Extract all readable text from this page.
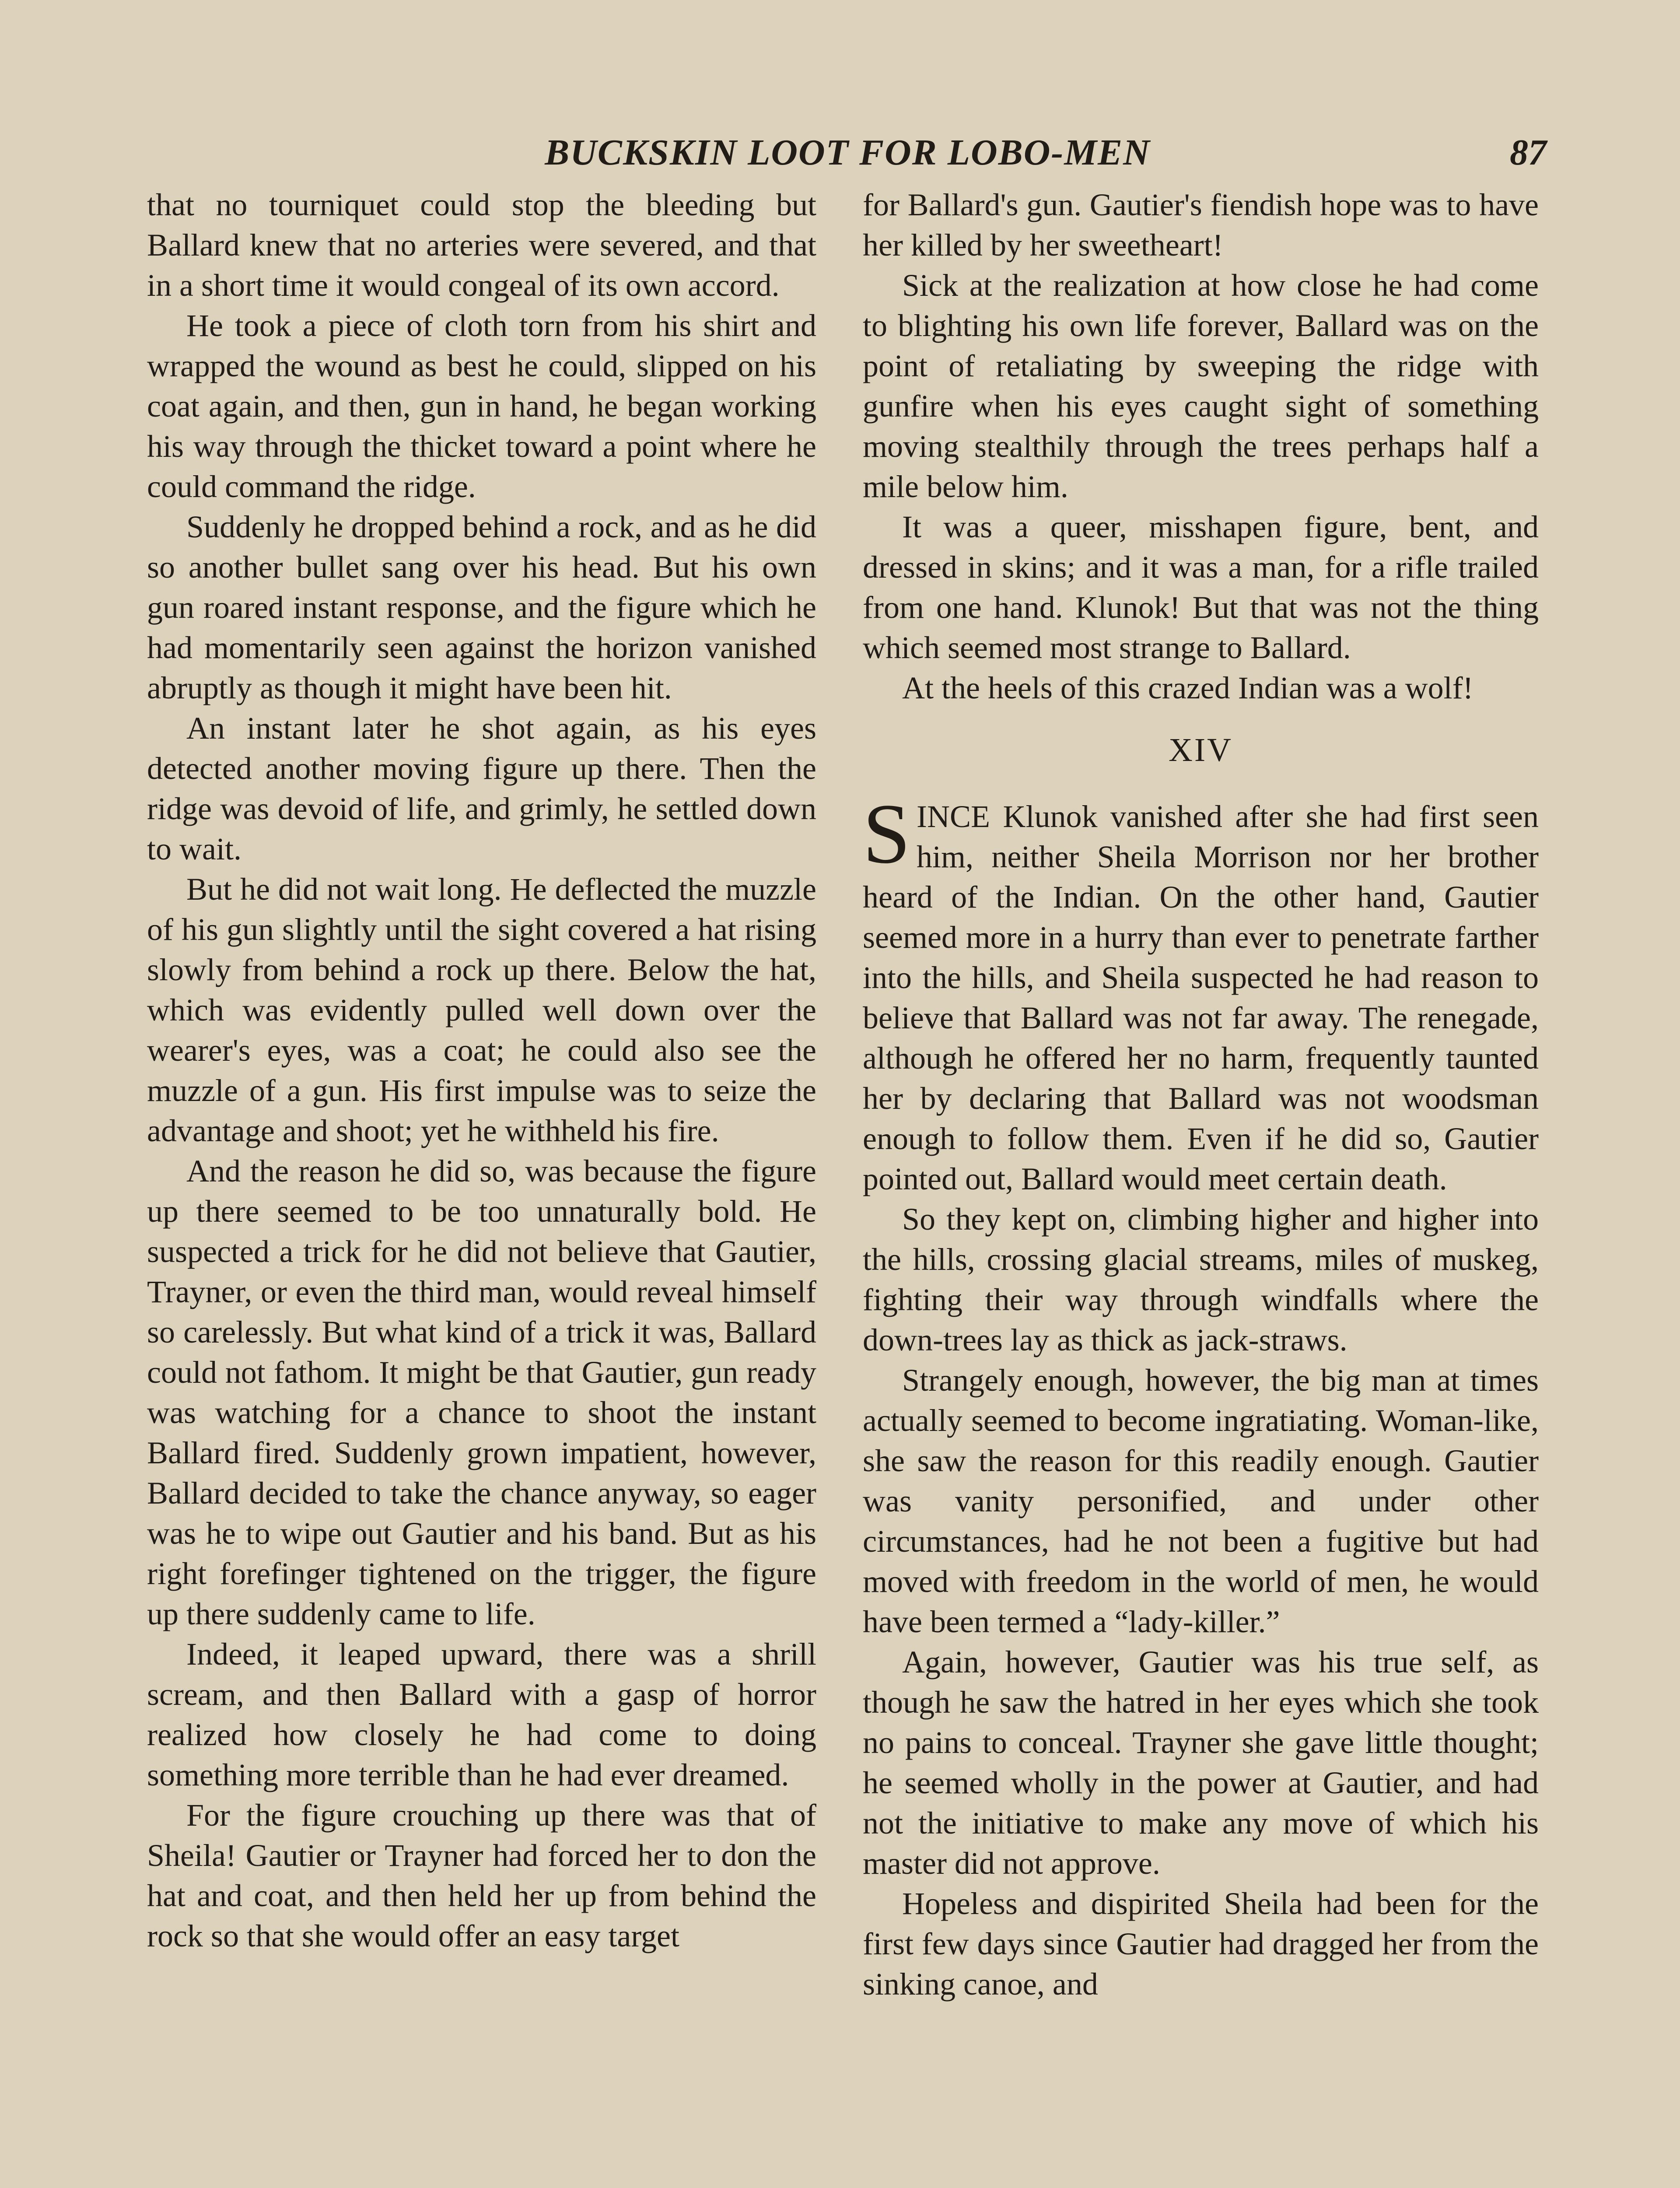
BUCKSKIN LOOT FOR LOBO-MEN	87

that no tourniquet could stop the bleeding but Ballard knew that no arteries were severed, and that in a short time it would congeal of its own accord.

He took a piece of cloth torn from his shirt and wrapped the wound as best he could, slipped on his coat again, and then, gun in hand, he began working his way through the thicket toward a point where he could command the ridge.

Suddenly he dropped behind a rock, and as he did so another bullet sang over his head. But his own gun roared instant response, and the figure which he had momentarily seen against the horizon vanished abruptly as though it might have been hit.

An instant later he shot again, as his eyes detected another moving figure up there. Then the ridge was devoid of life, and grimly, he settled down to wait.

But he did not wait long. He deflected the muzzle of his gun slightly until the sight covered a hat rising slowly from behind a rock up there. Below the hat, which was evidently pulled well down over the wearer's eyes, was a coat; he could also see the muzzle of a gun. His first impulse was to seize the advantage and shoot; yet he withheld his fire.

And the reason he did so, was because the figure up there seemed to be too unnaturally bold. He suspected a trick for he did not believe that Gautier, Trayner, or even the third man, would reveal himself so carelessly. But what kind of a trick it was, Ballard could not fathom. It might be that Gautier, gun ready was watching for a chance to shoot the instant Ballard fired. Suddenly grown impatient, however, Ballard decided to take the chance anyway, so eager was he to wipe out Gautier and his band. But as his right forefinger tightened on the trigger, the figure up there suddenly came to life.

Indeed, it leaped upward, there was a shrill scream, and then Ballard with a gasp of horror realized how closely he had come to doing something more terrible than he had ever dreamed.

For the figure crouching up there was that of Sheila! Gautier or Trayner had forced her to don the hat and coat, and then held her up from behind the rock so that she would offer an easy target

for Ballard's gun. Gautier's fiendish hope was to have her killed by her sweetheart!

Sick at the realization at how close he had come to blighting his own life forever, Ballard was on the point of retaliating by sweeping the ridge with gunfire when his eyes caught sight of something moving stealthily through the trees perhaps half a mile below him.

It was a queer, misshapen figure, bent, and dressed in skins; and it was a man, for a rifle trailed from one hand. Klunok! But that was not the thing which seemed most strange to Ballard.

At the heels of this crazed Indian was a wolf!

XIV

SINCE Klunok vanished after she had first seen him, neither Sheila Morrison nor her brother heard of the Indian. On the other hand, Gautier seemed more in a hurry than ever to penetrate farther into the hills, and Sheila suspected he had reason to believe that Ballard was not far away. The renegade, although he offered her no harm, frequently taunted her by declaring that Ballard was not woodsman enough to follow them. Even if he did so, Gautier pointed out, Ballard would meet certain death.

So they kept on, climbing higher and higher into the hills, crossing glacial streams, miles of muskeg, fighting their way through windfalls where the down-trees lay as thick as jack-straws.

Strangely enough, however, the big man at times actually seemed to become ingratiating. Woman-like, she saw the reason for this readily enough. Gautier was vanity personified, and under other circumstances, had he not been a fugitive but had moved with freedom in the world of men, he would have been termed a “lady-killer.”

Again, however, Gautier was his true self, as though he saw the hatred in her eyes which she took no pains to conceal. Trayner she gave little thought; he seemed wholly in the power at Gautier, and had not the initiative to make any move of which his master did not approve.

Hopeless and dispirited Sheila had been for the first few days since Gautier had dragged her from the sinking canoe, and
